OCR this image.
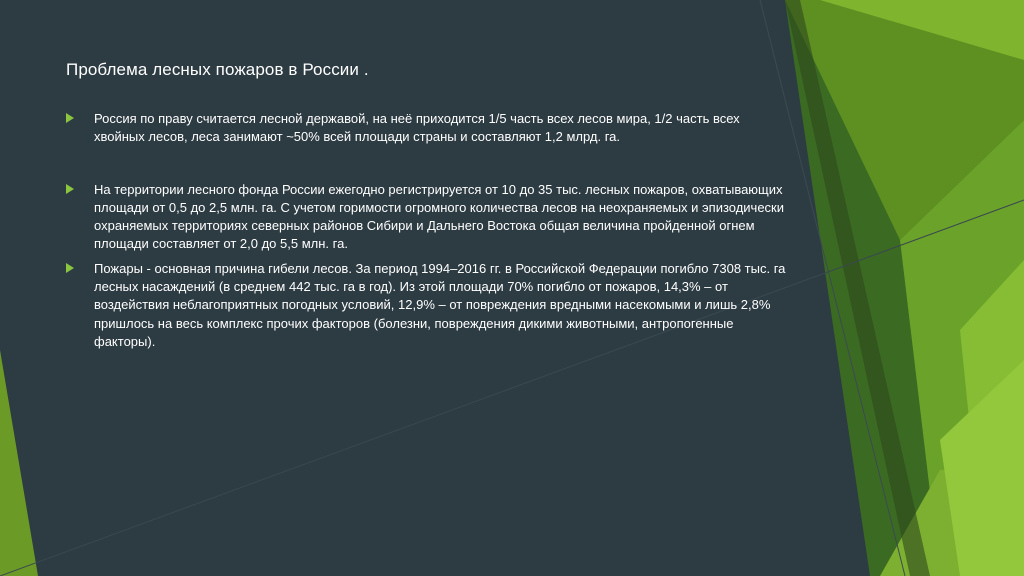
Проблема лесных пожаров в России .
Россия по праву считается лесной державой, на неё приходится 1/5 часть всех лесов мира, 1/2 часть всех хвойных лесов, леса занимают ~50% всей площади страны и составляют 1,2 млрд. га.
На территории лесного фонда России ежегодно регистрируется от 10 до 35 тыс. лесных пожаров, охватывающих площади от 0,5 до 2,5 млн. га. С учетом горимости огромного количества лесов на неохраняемых и эпизодически охраняемых территориях северных районов Сибири и Дальнего Востока общая величина пройденной огнем площади составляет от 2,0 до 5,5 млн. га.
Пожары - основная причина гибели лесов. За период 1994–2016 гг. в Российской Федерации погибло 7308 тыс. га лесных насаждений (в среднем 442 тыс. га в год). Из этой площади 70% погибло от пожаров, 14,3% – от воздействия неблагоприятных погодных условий, 12,9% – от повреждения вредными насекомыми и лишь 2,8% пришлось на весь комплекс прочих факторов (болезни, повреждения дикими животными, антропогенные факторы).
